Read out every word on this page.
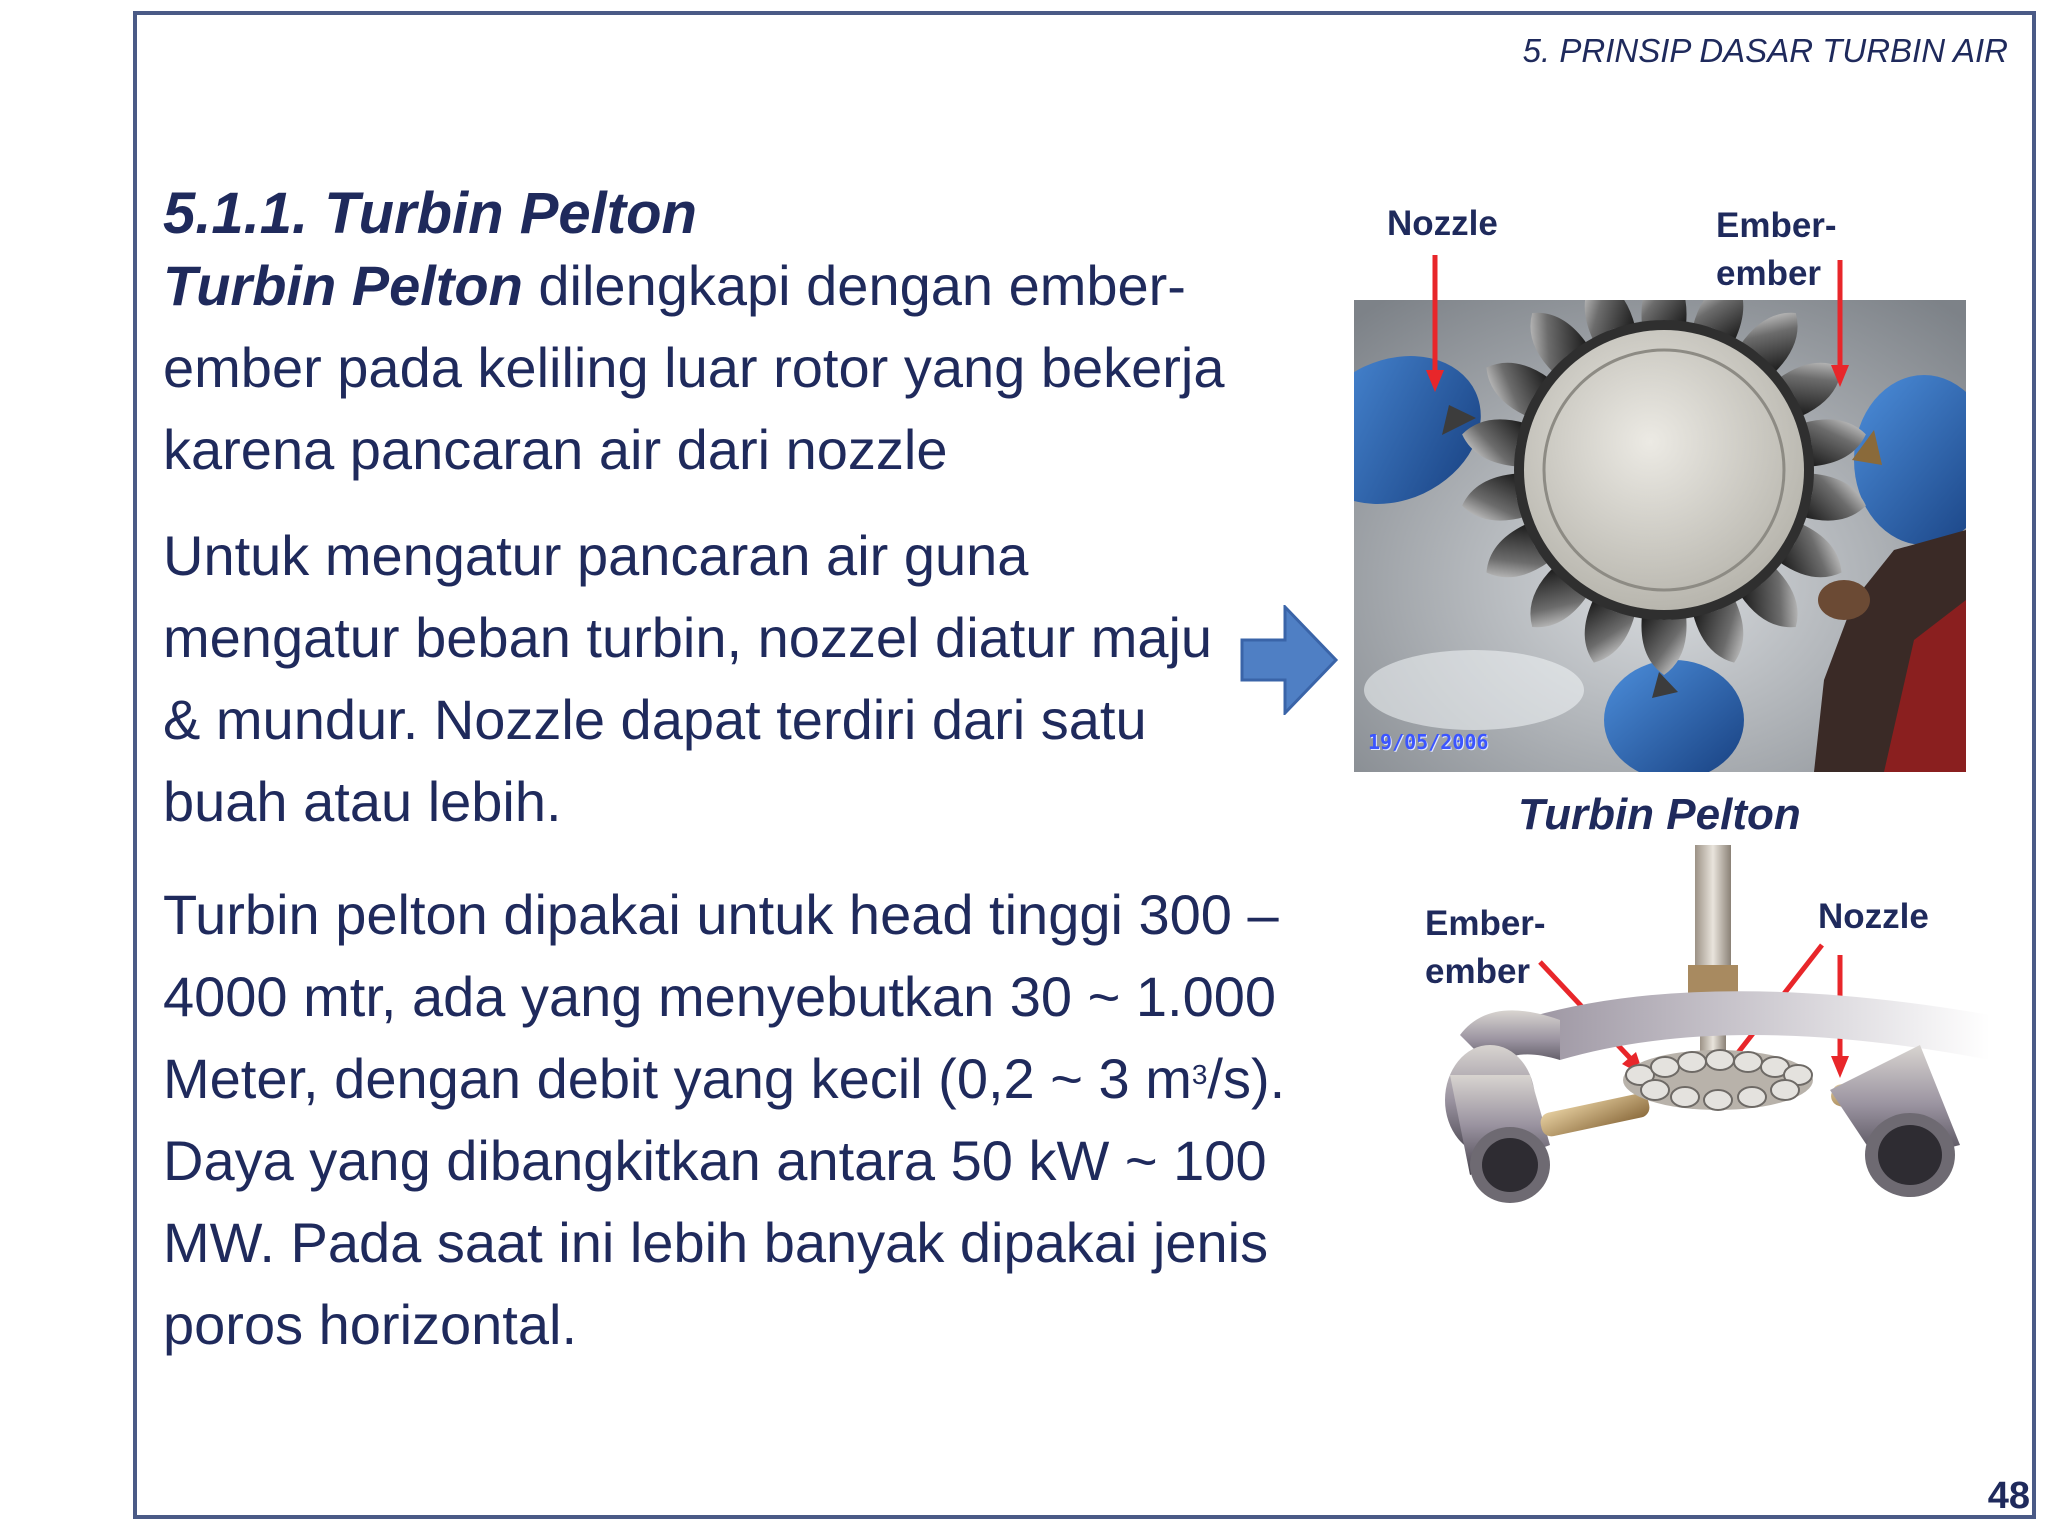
5. PRINSIP DASAR TURBIN AIR
5.1.1. Turbin Pelton

Turbin Pelton dilengkapi dengan ember-ember pada keliling luar rotor yang bekerja karena pancaran air dari nozzle

Untuk mengatur pancaran air guna mengatur beban turbin, nozzel diatur maju & mundur. Nozzle dapat terdiri dari satu buah atau lebih.

Turbin pelton dipakai untuk head tinggi 300 – 4000 mtr, ada yang menyebutkan 30 ~ 1.000 Meter, dengan debit yang kecil (0,2 ~ 3 $m^3/s$). Daya yang dibangkitkan antara 50 kW ~ 100 MW. Pada saat ini lebih banyak dipakai jenis poros horizontal.

Nozzle	Ember-
ember
19/05/2006
Turbin Pelton
Ember-
ember
Nozzle
48
